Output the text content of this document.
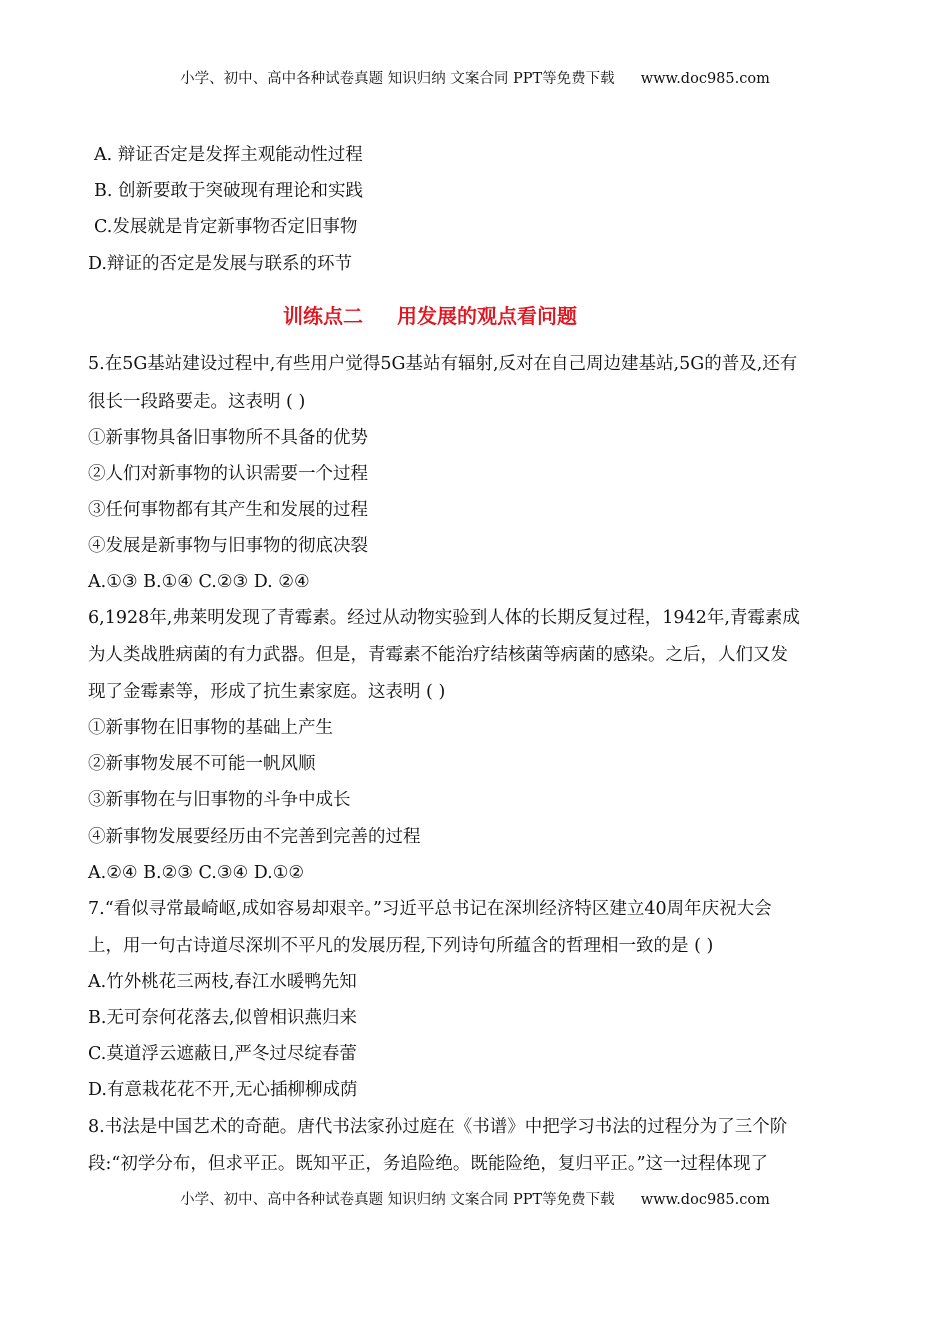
小学、初中、高中各种试卷真题 知识归纳 文案合同 PPT等免费下载 www.doc985.com
A. 辩证否定是发挥主观能动性过程
B. 创新要敢于突破现有理论和实践
C.发展就是肯定新事物否定旧事物
D.辩证的否定是发展与联系的环节
训练点二 用发展的观点看问题
5.在5G基站建设过程中,有些用户觉得5G基站有辐射,反对在自己周边建基站,5G的普及,还有
很长一段路要走。这表明 ( )
①新事物具备旧事物所不具备的优势
②人们对新事物的认识需要一个过程
③任何事物都有其产生和发展的过程
④发展是新事物与旧事物的彻底决裂
A.①③ B.①④ C.②③ D. ②④
6,1928年,弗莱明发现了青霉素。经过从动物实验到人体的长期反复过程，1942年,青霉素成
为人类战胜病菌的有力武器。但是，青霉素不能治疗结核菌等病菌的感染。之后，人们又发
现了金霉素等，形成了抗生素家庭。这表明 ( )
①新事物在旧事物的基础上产生
②新事物发展不可能一帆风顺
③新事物在与旧事物的斗争中成长
④新事物发展要经历由不完善到完善的过程
A.②④ B.②③ C.③④ D.①②
7.“看似寻常最崎岖,成如容易却艰辛。”习近平总书记在深圳经济特区建立40周年庆祝大会
上，用一句古诗道尽深圳不平凡的发展历程,下列诗句所蕴含的哲理相一致的是 ( )
A.竹外桃花三两枝,春江水暖鸭先知
B.无可奈何花落去,似曾相识燕归来
C.莫道浮云遮蔽日,严冬过尽绽春蕾
D.有意栽花花不开,无心插柳柳成荫
8.书法是中国艺术的奇葩。唐代书法家孙过庭在《书谱》中把学习书法的过程分为了三个阶
段:“初学分布，但求平正。既知平正，务追险绝。既能险绝，复归平正。”这一过程体现了
小学、初中、高中各种试卷真题 知识归纳 文案合同 PPT等免费下载 www.doc985.com
